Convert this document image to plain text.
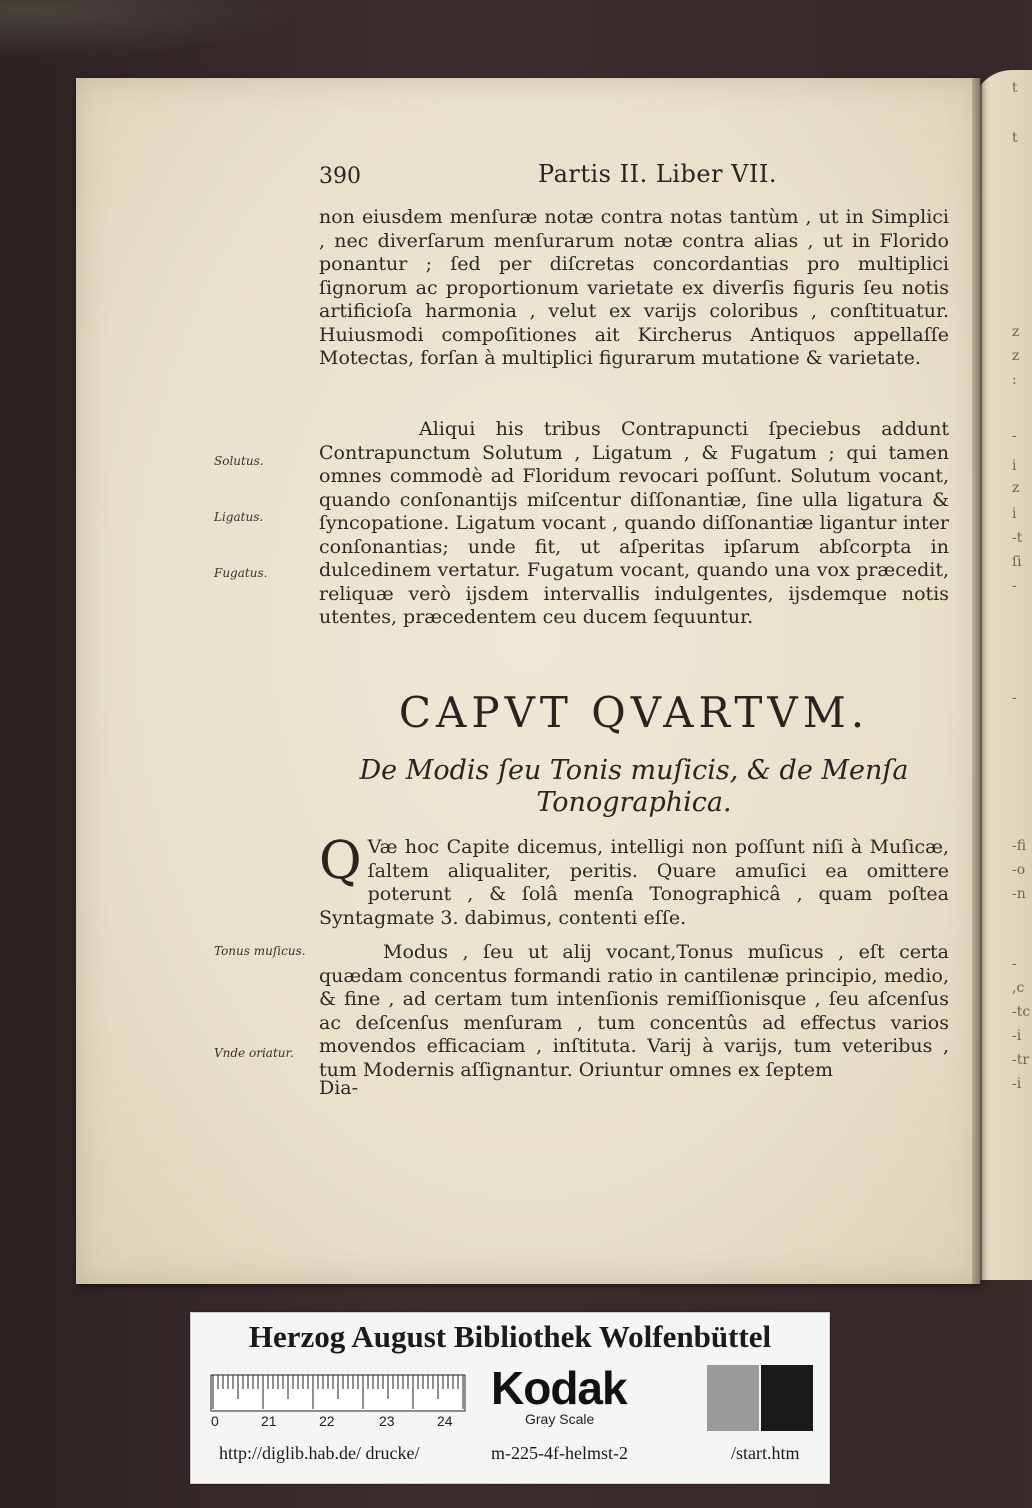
t
t
z
z
:
-
i
z
i
-t
ſi
-
-
-fi
-o
-n
-
,c
-tc
-i
-tr
-i
390	Partis II. Liber VII.
non eiusdem menſuræ notæ contra notas tantùm , ut in Simplici , nec diverſarum menſurarum notæ contra alias , ut in Florido ponantur ; ſed per diſcretas concordantias pro multiplici ſignorum ac proportionum varietate ex diverſis figuris ſeu notis artificioſa harmonia , velut ex varijs coloribus , conſtituatur. Huiusmodi compoſitiones ait Kircherus Antiquos appellaſſe Motectas, forſan à multiplici figurarum mutatione & varietate.
Aliqui his tribus Contrapuncti ſpeciebus addunt Contrapunctum Solutum , Ligatum , & Fugatum ; qui tamen omnes commodè ad Floridum revocari poſſunt. Solutum vocant, quando conſonantijs miſcentur diſſonantiæ, ſine ulla ligatura & ſyncopatione. Ligatum vocant , quando diſſonantiæ ligantur inter conſonantias; unde fit, ut aſperitas ipſarum abſcorpta in dulcedinem vertatur. Fugatum vocant, quando una vox præcedit, reliquæ verò ijsdem intervallis indulgentes, ijsdemque notis utentes, præcedentem ceu ducem ſequuntur.
Solutus.
Ligatus.
Fugatus.
CAPVT QVARTVM.
De Modis ſeu Tonis muſicis, & de Menſa Tonographica.
Q Væ hoc Capite dicemus, intelligi non poſſunt niſi à Muſicæ, ſaltem aliqualiter, peritis. Quare amuſici ea omittere poterunt , & ſolâ menſa Tonographicâ , quam poſtea Syntagmate 3. dabimus, contenti eſſe.
Tonus muſicus.
Vnde oriatur.
Modus , ſeu ut alij vocant,Tonus muſicus , eſt certa quædam concentus formandi ratio in cantilenæ principio, medio, & fine , ad certam tum intenſionis remiſſionisque , ſeu aſcenſus ac deſcenſus menſuram , tum concentûs ad effectus varios movendos efficaciam , inſtituta. Varij à varijs, tum veteribus , tum Modernis aſſignantur. Oriuntur omnes ex ſeptem
Dia-
Herzog August Bibliothek Wolfenbüttel
0	21	22	23	24
Kodak
Gray Scale
http://diglib.hab.de/ drucke/	m-225-4f-helmst-2	/start.htm
